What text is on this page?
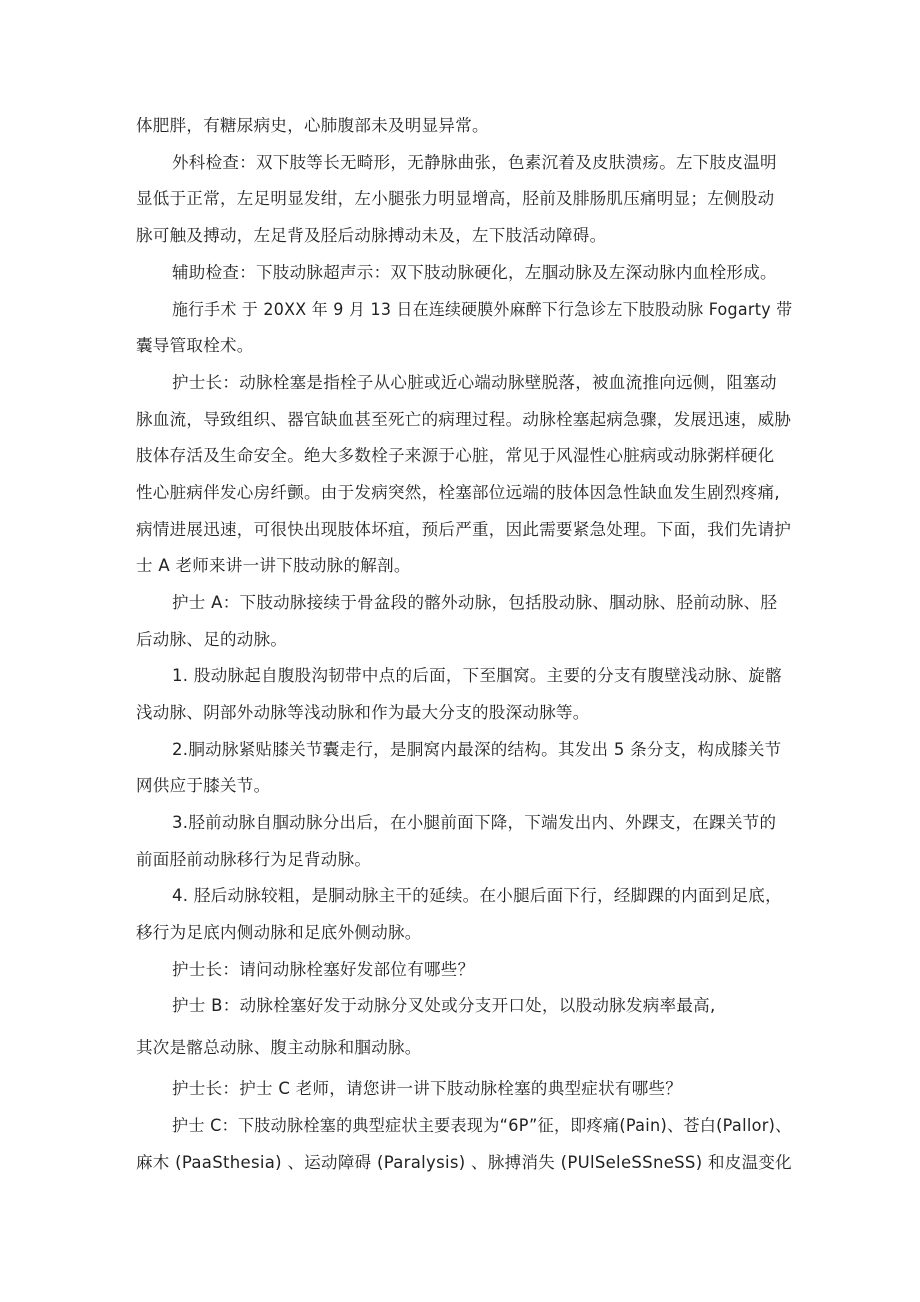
体肥胖，有糖尿病史，心肺腹部未及明显异常。
外科检查：双下肢等长无畸形，无静脉曲张，色素沉着及皮肤溃疡。左下肢皮温明
显低于正常，左足明显发绀，左小腿张力明显增高，胫前及腓肠肌压痛明显；左侧股动
脉可触及搏动，左足背及胫后动脉搏动未及，左下肢活动障碍。
辅助检查：下肢动脉超声示：双下肢动脉硬化，左腘动脉及左深动脉内血栓形成。
施行手术 于 20XX 年 9 月 13 日在连续硬膜外麻醉下行急诊左下肢股动脉 Fogarty 带
囊导管取栓术。
护士长：动脉栓塞是指栓子从心脏或近心端动脉壁脱落，被血流推向远侧，阻塞动
脉血流，导致组织、器官缺血甚至死亡的病理过程。动脉栓塞起病急骤，发展迅速，威胁
肢体存活及生命安全。绝大多数栓子来源于心脏，常见于风湿性心脏病或动脉粥样硬化
性心脏病伴发心房纤颤。由于发病突然，栓塞部位远端的肢体因急性缺血发生剧烈疼痛,
病情进展迅速，可很快出现肢体坏疽，预后严重，因此需要紧急处理。下面，我们先请护
士 A 老师来讲一讲下肢动脉的解剖。
护士 A：下肢动脉接续于骨盆段的髂外动脉，包括股动脉、腘动脉、胫前动脉、胫
后动脉、足的动脉。
1. 股动脉起自腹股沟韧带中点的后面，下至腘窝。主要的分支有腹壁浅动脉、旋髂
浅动脉、阴部外动脉等浅动脉和作为最大分支的股深动脉等。
2.胴动脉紧贴膝关节囊走行，是胴窝内最深的结构。其发出 5 条分支，构成膝关节
网供应于膝关节。
3.胫前动脉自腘动脉分出后，在小腿前面下降，下端发出内、外踝支，在踝关节的
前面胫前动脉移行为足背动脉。
4. 胫后动脉较粗，是胴动脉主干的延续。在小腿后面下行，经脚踝的内面到足底，
移行为足底内侧动脉和足底外侧动脉。
护士长：请问动脉栓塞好发部位有哪些？
护士 B：动脉栓塞好发于动脉分叉处或分支开口处，以股动脉发病率最高,
其次是髂总动脉、腹主动脉和腘动脉。
护士长：护士 C 老师，请您讲一讲下肢动脉栓塞的典型症状有哪些？
护士 C：下肢动脉栓塞的典型症状主要表现为“6P”征，即疼痛(Pain)、苍白(Pallor)、
麻木 (PaaSthesia) 、运动障碍 (Paralysis) 、脉搏消失 (PUlSeleSSneSS) 和皮温变化
